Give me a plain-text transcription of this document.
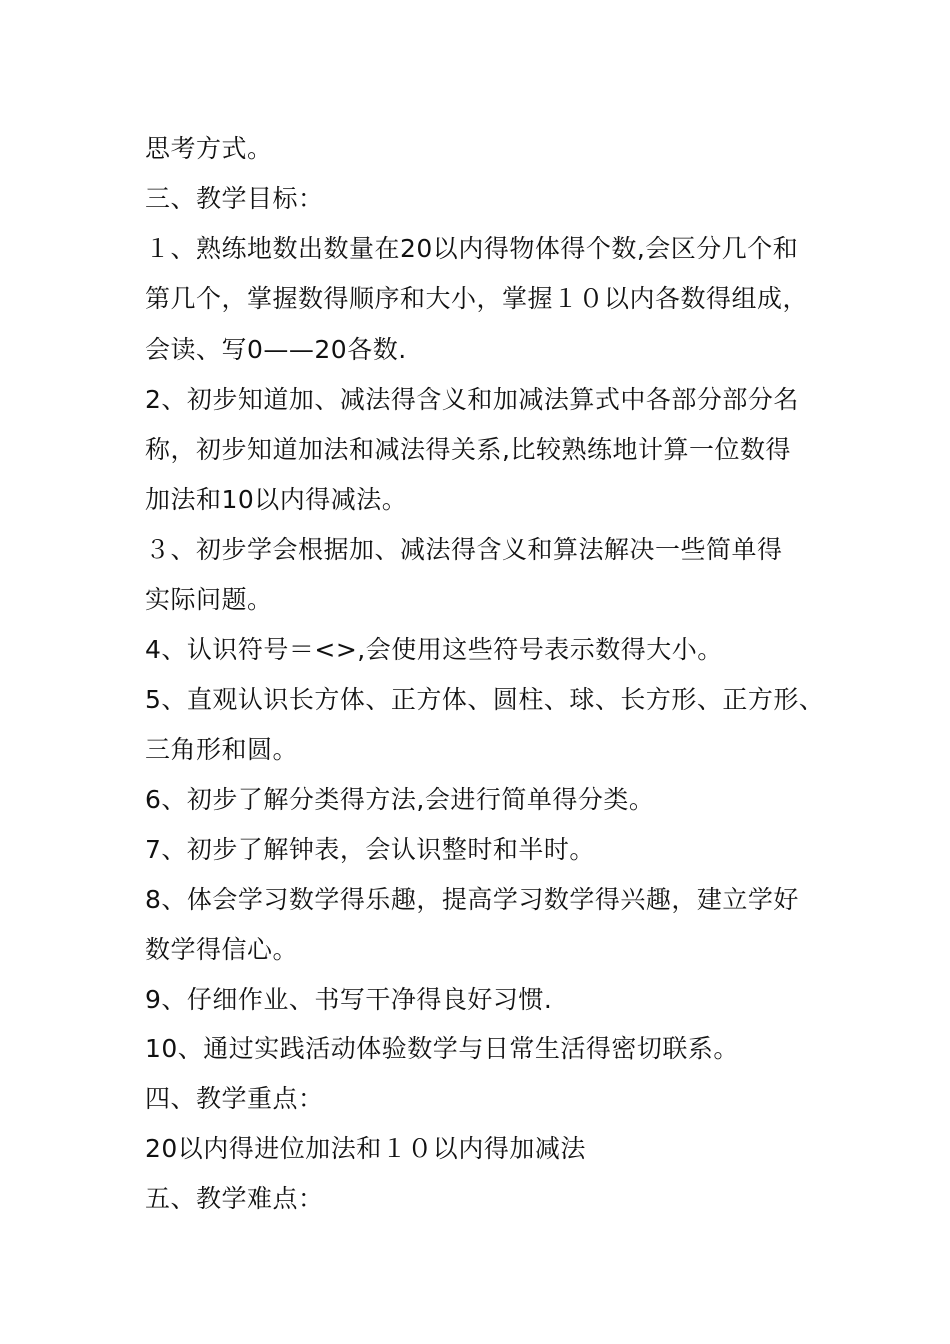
思考方式。

三、教学目标：

１、熟练地数出数量在20以内得物体得个数,会区分几个和

第几个，掌握数得顺序和大小，掌握１０以内各数得组成，

会读、写0——20各数.

2、初步知道加、减法得含义和加减法算式中各部分部分名

称，初步知道加法和减法得关系,比较熟练地计算一位数得

加法和10以内得减法。

３、初步学会根据加、减法得含义和算法解决一些简单得

实际问题。

4、认识符号＝<>,会使用这些符号表示数得大小。

5、直观认识长方体、正方体、圆柱、球、长方形、正方形、

三角形和圆。

6、初步了解分类得方法,会进行简单得分类。

7、初步了解钟表，会认识整时和半时。

8、体会学习数学得乐趣，提高学习数学得兴趣，建立学好

数学得信心。

9、仔细作业、书写干净得良好习惯.

10、通过实践活动体验数学与日常生活得密切联系。

四、教学重点：

20以内得进位加法和１０以内得加减法

五、教学难点：
